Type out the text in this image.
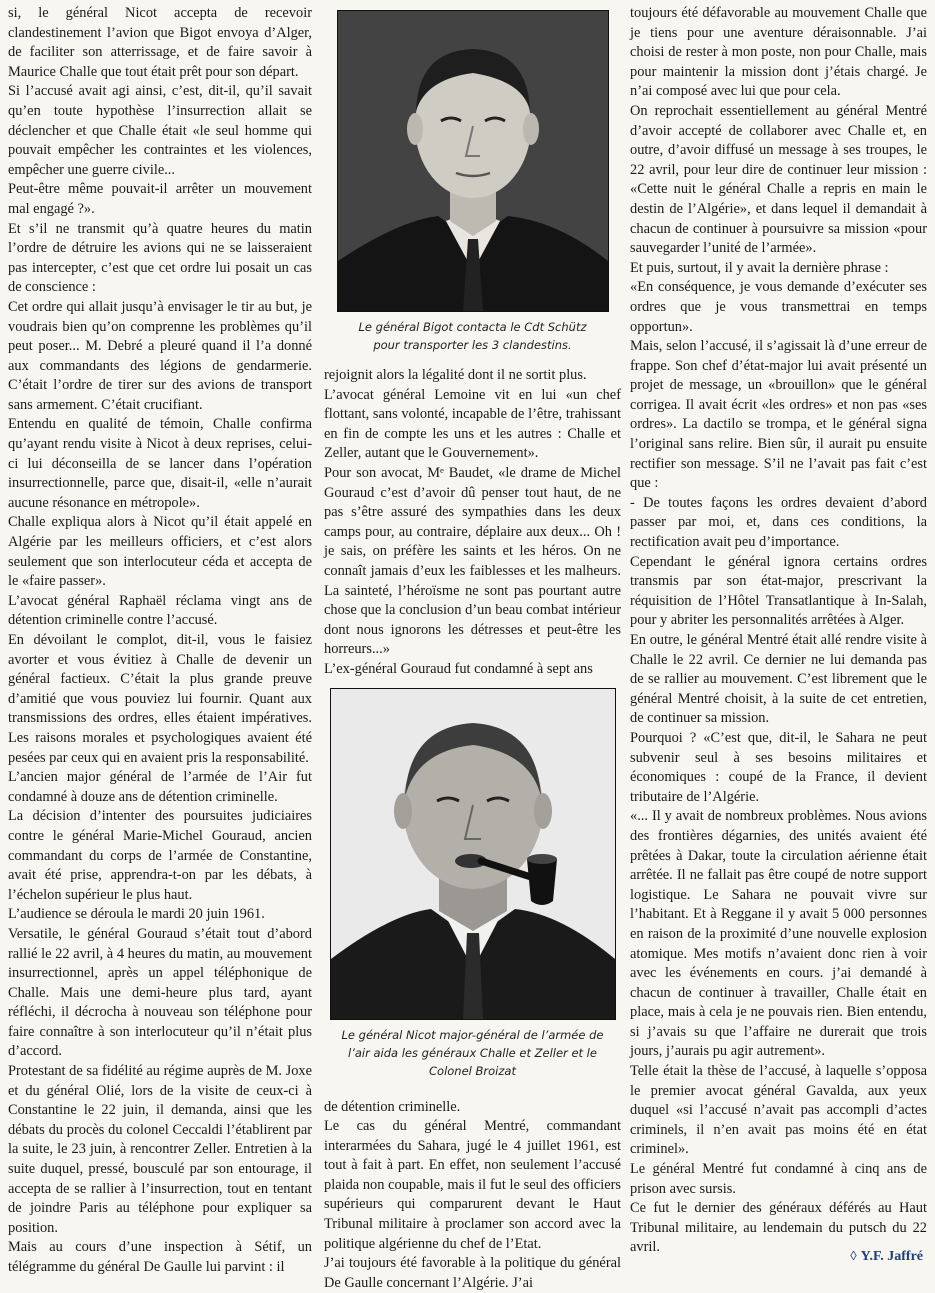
si, le général Nicot accepta de recevoir clandestinement l’avion que Bigot envoya d’Alger, de faciliter son atterrissage, et de faire savoir à Maurice Challe que tout était prêt pour son départ.

Si l’accusé avait agi ainsi, c’est, dit-il, qu’il savait qu’en toute hypothèse l’insurrection allait se déclencher et que Challe était «le seul homme qui pouvait empêcher les contraintes et les violences, empêcher une guerre civile...

Peut-être même pouvait-il arrêter un mouvement mal engagé ?».

Et s’il ne transmit qu’à quatre heures du matin l’ordre de détruire les avions qui ne se laisseraient pas intercepter, c’est que cet ordre lui posait un cas de conscience :

Cet ordre qui allait jusqu’à envisager le tir au but, je voudrais bien qu’on comprenne les problèmes qu’il peut poser... M. Debré a pleuré quand il l’a donné aux commandants des légions de gendarmerie. C’était l’ordre de tirer sur des avions de transport sans armement. C’était crucifiant.

Entendu en qualité de témoin, Challe confirma qu’ayant rendu visite à Nicot à deux reprises, celui-ci lui déconseilla de se lancer dans l’opération insurrectionnelle, parce que, disait-il, «elle n’aurait aucune résonance en métropole».

Challe expliqua alors à Nicot qu’il était appelé en Algérie par les meilleurs officiers, et c’est alors seulement que son interlocuteur céda et accepta de le «faire passer».

L’avocat général Raphaël réclama vingt ans de détention criminelle contre l’accusé.

En dévoilant le complot, dit-il, vous le faisiez avorter et vous évitiez à Challe de devenir un général factieux. C’était la plus grande preuve d’amitié que vous pouviez lui fournir. Quant aux transmissions des ordres, elles étaient impératives. Les raisons morales et psychologiques avaient été pesées par ceux qui en avaient pris la responsabilité.

L’ancien major général de l’armée de l’Air fut condamné à douze ans de détention criminelle.

La décision d’intenter des poursuites judiciaires contre le général Marie-Michel Gouraud, ancien commandant du corps de l’armée de Constantine, avait été prise, apprendra-t-on par les débats, à l’échelon supérieur le plus haut.

L’audience se déroula le mardi 20 juin 1961.

Versatile, le général Gouraud s’était tout d’abord rallié le 22 avril, à 4 heures du matin, au mouvement insurrectionnel, après un appel téléphonique de Challe. Mais une demi-heure plus tard, ayant réfléchi, il décrocha à nouveau son téléphone pour faire connaître à son interlocuteur qu’il n’était plus d’accord.

Protestant de sa fidélité au régime auprès de M. Joxe et du général Olié, lors de la visite de ceux-ci à Constantine le 22 juin, il demanda, ainsi que les débats du procès du colonel Ceccaldi l’établirent par la suite, le 23 juin, à rencontrer Zeller. Entretien à la suite duquel, pressé, bousculé par son entourage, il accepta de se rallier à l’insurrection, tout en tentant de joindre Paris au téléphone pour expliquer sa position.

Mais au cours d’une inspection à Sétif, un télégramme du général De Gaulle lui parvint : il

Le général Bigot contacta le Cdt Schütz pour transporter les 3 clandestins.

rejoignit alors la légalité dont il ne sortit plus.

L’avocat général Lemoine vit en lui «un chef flottant, sans volonté, incapable de l’être, trahissant en fin de compte les uns et les autres : Challe et Zeller, autant que le Gouvernement».

Pour son avocat, Mᵉ Baudet, «le drame de Michel Gouraud c’est d’avoir dû penser tout haut, de ne pas s’être assuré des sympathies dans les deux camps pour, au contraire, déplaire aux deux... Oh ! je sais, on préfère les saints et les héros. On ne connaît jamais d’eux les faiblesses et les malheurs. La sainteté, l’héroïsme ne sont pas pourtant autre chose que la conclusion d’un beau combat intérieur dont nous ignorons les détresses et peut-être les horreurs...»

L’ex-général Gouraud fut condamné à sept ans

Le général Nicot major-général de l’armée de l’air aida les généraux Challe et Zeller et le Colonel Broizat

de détention criminelle.

Le cas du général Mentré, commandant interarmées du Sahara, jugé le 4 juillet 1961, est tout à fait à part. En effet, non seulement l’accusé plaida non coupable, mais il fut le seul des officiers supérieurs qui comparurent devant le Haut Tribunal militaire à proclamer son accord avec la politique algérienne du chef de l’Etat.

J’ai toujours été favorable à la politique du général De Gaulle concernant l’Algérie. J’ai

toujours été défavorable au mouvement Challe que je tiens pour une aventure déraisonnable. J’ai choisi de rester à mon poste, non pour Challe, mais pour maintenir la mission dont j’étais chargé. Je n’ai composé avec lui que pour cela.

On reprochait essentiellement au général Mentré d’avoir accepté de collaborer avec Challe et, en outre, d’avoir diffusé un message à ses troupes, le 22 avril, pour leur dire de continuer leur mission : «Cette nuit le général Challe a repris en main le destin de l’Algérie», et dans lequel il demandait à chacun de continuer à poursuivre sa mission «pour sauvegarder l’unité de l’armée».

Et puis, surtout, il y avait la dernière phrase :

«En conséquence, je vous demande d’exécuter ses ordres que je vous transmettrai en temps opportun».

Mais, selon l’accusé, il s’agissait là d’une erreur de frappe. Son chef d’état-major lui avait présenté un projet de message, un «brouillon» que le général corrigea. Il avait écrit «les ordres» et non pas «ses ordres». La dactilo se trompa, et le général signa l’original sans relire. Bien sûr, il aurait pu ensuite rectifier son message. S’il ne l’avait pas fait c’est que :

- De toutes façons les ordres devaient d’abord passer par moi, et, dans ces conditions, la rectification avait peu d’importance.

Cependant le général ignora certains ordres transmis par son état-major, prescrivant la réquisition de l’Hôtel Transatlantique à In-Salah, pour y abriter les personnalités arrêtées à Alger.

En outre, le général Mentré était allé rendre visite à Challe le 22 avril. Ce dernier ne lui demanda pas de se rallier au mouvement. C’est librement que le général Mentré choisit, à la suite de cet entretien, de continuer sa mission.

Pourquoi ? «C’est que, dit-il, le Sahara ne peut subvenir seul à ses besoins militaires et économiques : coupé de la France, il devient tributaire de l’Algérie.

«... Il y avait de nombreux problèmes. Nous avions des frontières dégarnies, des unités avaient été prêtées à Dakar, toute la circulation aérienne était arrêtée. Il ne fallait pas être coupé de notre support logistique. Le Sahara ne pouvait vivre sur l’habitant. Et à Reggane il y avait 5 000 personnes en raison de la proximité d’une nouvelle explosion atomique. Mes motifs n’avaient donc rien à voir avec les événements en cours. j’ai demandé à chacun de continuer à travailler, Challe était en place, mais à cela je ne pouvais rien. Bien entendu, si j’avais su que l’affaire ne durerait que trois jours, j’aurais pu agir autrement».

Telle était la thèse de l’accusé, à laquelle s’opposa le premier avocat général Gavalda, aux yeux duquel «si l’accusé n’avait pas accompli d’actes criminels, il n’en avait pas moins été en état criminel».

Le général Mentré fut condamné à cinq ans de prison avec sursis.

Ce fut le dernier des généraux déférés au Haut Tribunal militaire, au lendemain du putsch du 22 avril.

◊ Y.F. Jaffré
